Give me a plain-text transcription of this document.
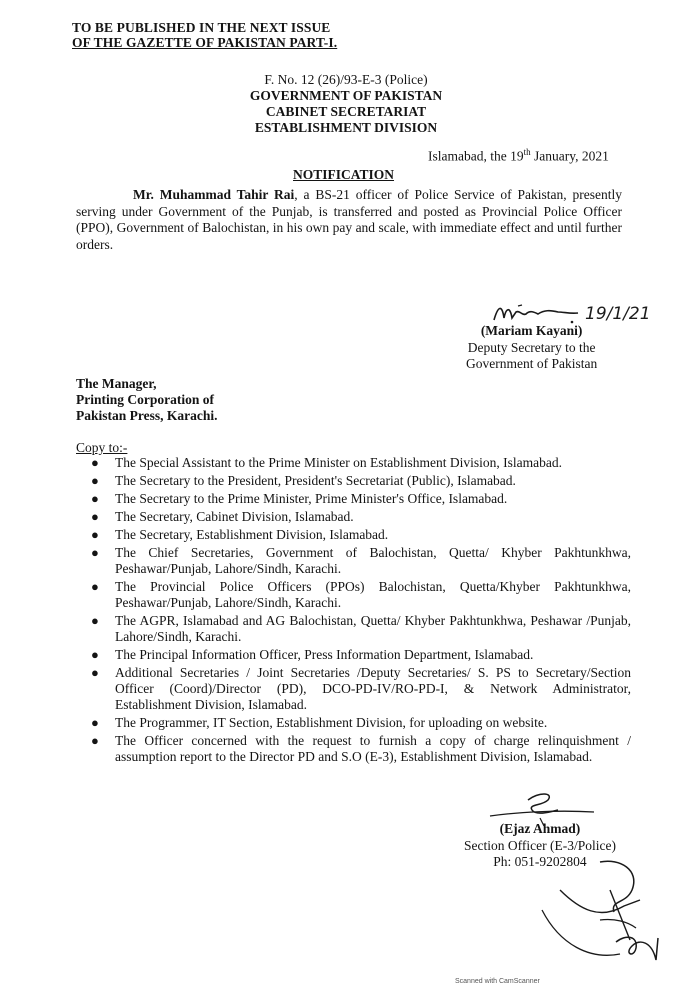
TO BE PUBLISHED IN THE NEXT ISSUE
OF THE GAZETTE OF PAKISTAN PART-I.
F. No. 12 (26)/93-E-3 (Police)
GOVERNMENT OF PAKISTAN
CABINET SECRETARIAT
ESTABLISHMENT DIVISION
Islamabad, the 19th January, 2021
NOTIFICATION
Mr. Muhammad Tahir Rai, a BS-21 officer of Police Service of Pakistan, presently serving under Government of the Punjab, is transferred and posted as Provincial Police Officer (PPO), Government of Balochistan, in his own pay and scale, with immediate effect and until further orders.
19/1/21
(Mariam Kayani)
Deputy Secretary to the
Government of Pakistan
The Manager,
Printing Corporation of
Pakistan Press, Karachi.
Copy to:-
● The Special Assistant to the Prime Minister on Establishment Division, Islamabad.
● The Secretary to the President, President's Secretariat (Public), Islamabad.
● The Secretary to the Prime Minister, Prime Minister's Office, Islamabad.
● The Secretary, Cabinet Division, Islamabad.
● The Secretary, Establishment Division, Islamabad.
● The Chief Secretaries, Government of Balochistan, Quetta/ Khyber Pakhtunkhwa, Peshawar/Punjab, Lahore/Sindh, Karachi.
● The Provincial Police Officers (PPOs) Balochistan, Quetta/Khyber Pakhtunkhwa, Peshawar/Punjab, Lahore/Sindh, Karachi.
● The AGPR, Islamabad and AG Balochistan, Quetta/ Khyber Pakhtunkhwa, Peshawar /Punjab, Lahore/Sindh, Karachi.
● The Principal Information Officer, Press Information Department, Islamabad.
● Additional Secretaries / Joint Secretaries /Deputy Secretaries/ S. PS to Secretary/Section Officer (Coord)/Director (PD), DCO-PD-IV/RO-PD-I, & Network Administrator, Establishment Division, Islamabad.
● The Programmer, IT Section, Establishment Division, for uploading on website.
● The Officer concerned with the request to furnish a copy of charge relinquishment / assumption report to the Director PD and S.O (E-3), Establishment Division, Islamabad.
(Ejaz Ahmad)
Section Officer (E-3/Police)
Ph: 051-9202804
Scanned with CamScanner
